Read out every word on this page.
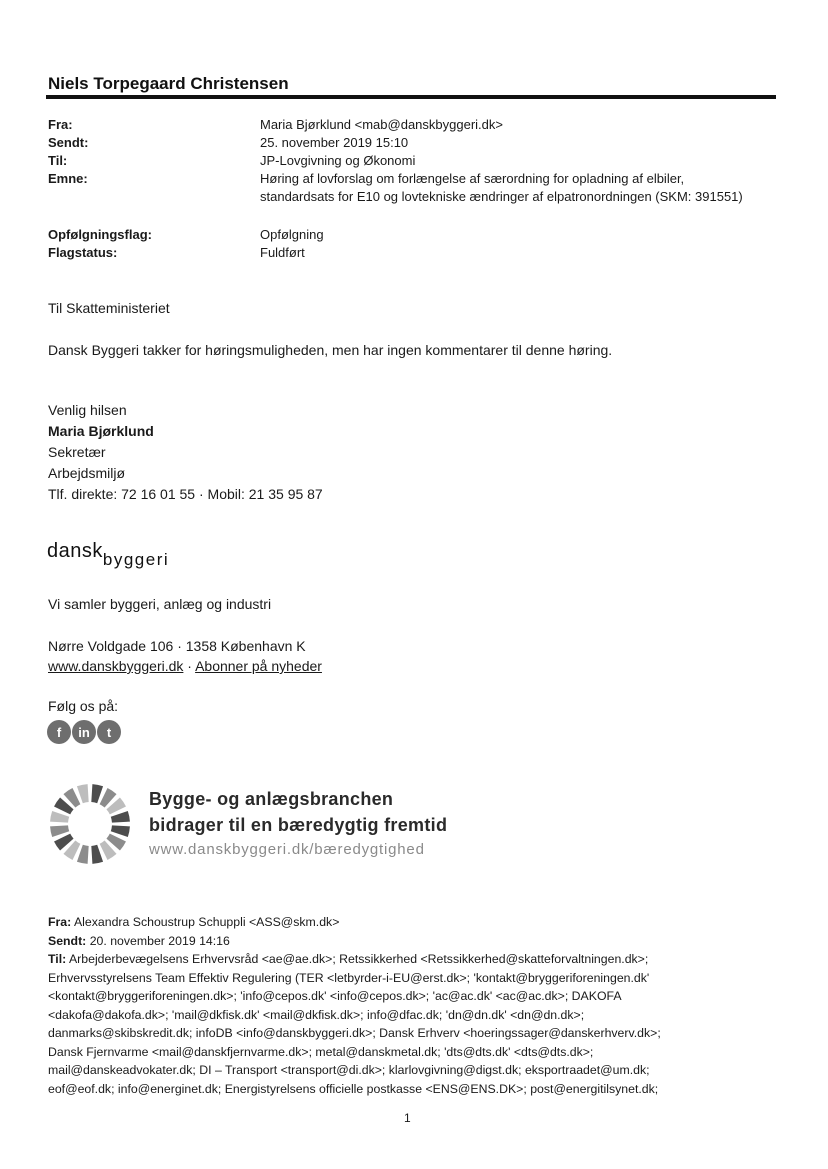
Niels Torpegaard Christensen
Fra:	Maria Bjørklund <mab@danskbyggeri.dk>
Sendt:	25. november 2019 15:10
Til:	JP-Lovgivning og Økonomi
Emne:	Høring af lovforslag om forlængelse af særordning for opladning af elbiler,
standardsats for E10 og lovtekniske ændringer af elpatronordningen (SKM: 391551)
Opfølgningsflag:	Opfølgning
Flagstatus:	Fuldført
Til Skatteministeriet
Dansk Byggeri takker for høringsmuligheden, men har ingen kommentarer til denne høring.
Venlig hilsen
Maria Bjørklund
Sekretær
Arbejdsmiljø
Tlf. direkte: 72 16 01 55 · Mobil: 21 35 95 87
dansk$_{byggeri}$
Vi samler byggeri, anlæg og industri
Nørre Voldgade 106 · 1358 København K
www.danskbyggeri.dk · Abonner på nyheder
Følg os på:
f	in	t
Bygge- og anlægsbranchen
bidrager til en bæredygtig fremtid
www.danskbyggeri.dk/bæredygtighed
Fra: Alexandra Schoustrup Schuppli <ASS@skm.dk>
Sendt: 20. november 2019 14:16
Til: Arbejderbevægelsens Erhvervsråd <ae@ae.dk>; Retssikkerhed <Retssikkerhed@skatteforvaltningen.dk>;
Erhvervsstyrelsens Team Effektiv Regulering (TER <letbyrder-i-EU@erst.dk>; 'kontakt@bryggeriforeningen.dk'
<kontakt@bryggeriforeningen.dk>; 'info@cepos.dk' <info@cepos.dk>; 'ac@ac.dk' <ac@ac.dk>; DAKOFA
<dakofa@dakofa.dk>; 'mail@dkfisk.dk' <mail@dkfisk.dk>; info@dfac.dk; 'dn@dn.dk' <dn@dn.dk>;
danmarks@skibskredit.dk; infoDB <info@danskbyggeri.dk>; Dansk Erhverv <hoeringssager@danskerhverv.dk>;
Dansk Fjernvarme <mail@danskfjernvarme.dk>; metal@danskmetal.dk; 'dts@dts.dk' <dts@dts.dk>;
mail@danskeadvokater.dk; DI – Transport <transport@di.dk>; klarlovgivning@digst.dk; eksportraadet@um.dk;
eof@eof.dk; info@energinet.dk; Energistyrelsens officielle postkasse <ENS@ENS.DK>; post@energitilsynet.dk;
1
